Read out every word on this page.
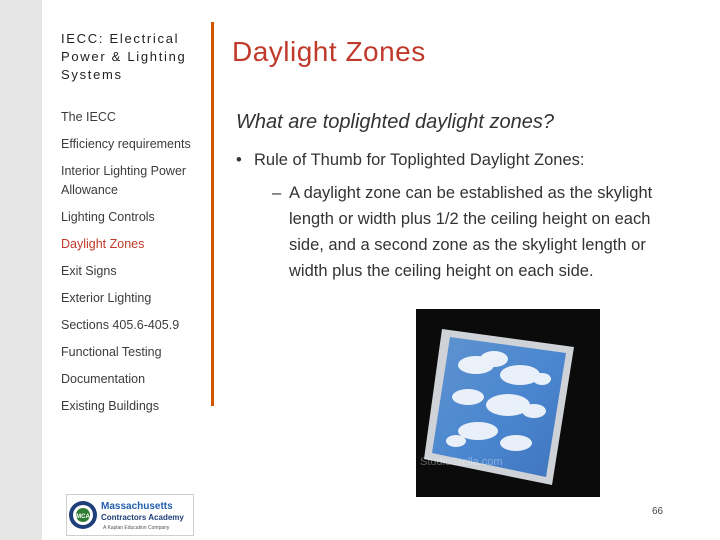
IECC: Electrical Power & Lighting Systems
The IECC
Efficiency requirements
Interior Lighting Power Allowance
Lighting Controls
Daylight Zones
Exit Signs
Exterior Lighting
Sections 405.6-405.9
Functional Testing
Documentation
Existing Buildings
Daylight Zones
What are toplighted daylight zones?
• Rule of Thumb for Toplighted Daylight Zones:
– A daylight zone can be established as the skylight length or width plus 1/2 the ceiling height on each side, and a second zone as the skylight length or width plus the ceiling height on each side.
StudioStella.com
MCA
Massachusetts
Contractors Academy
A Kaplan Education Company
66
